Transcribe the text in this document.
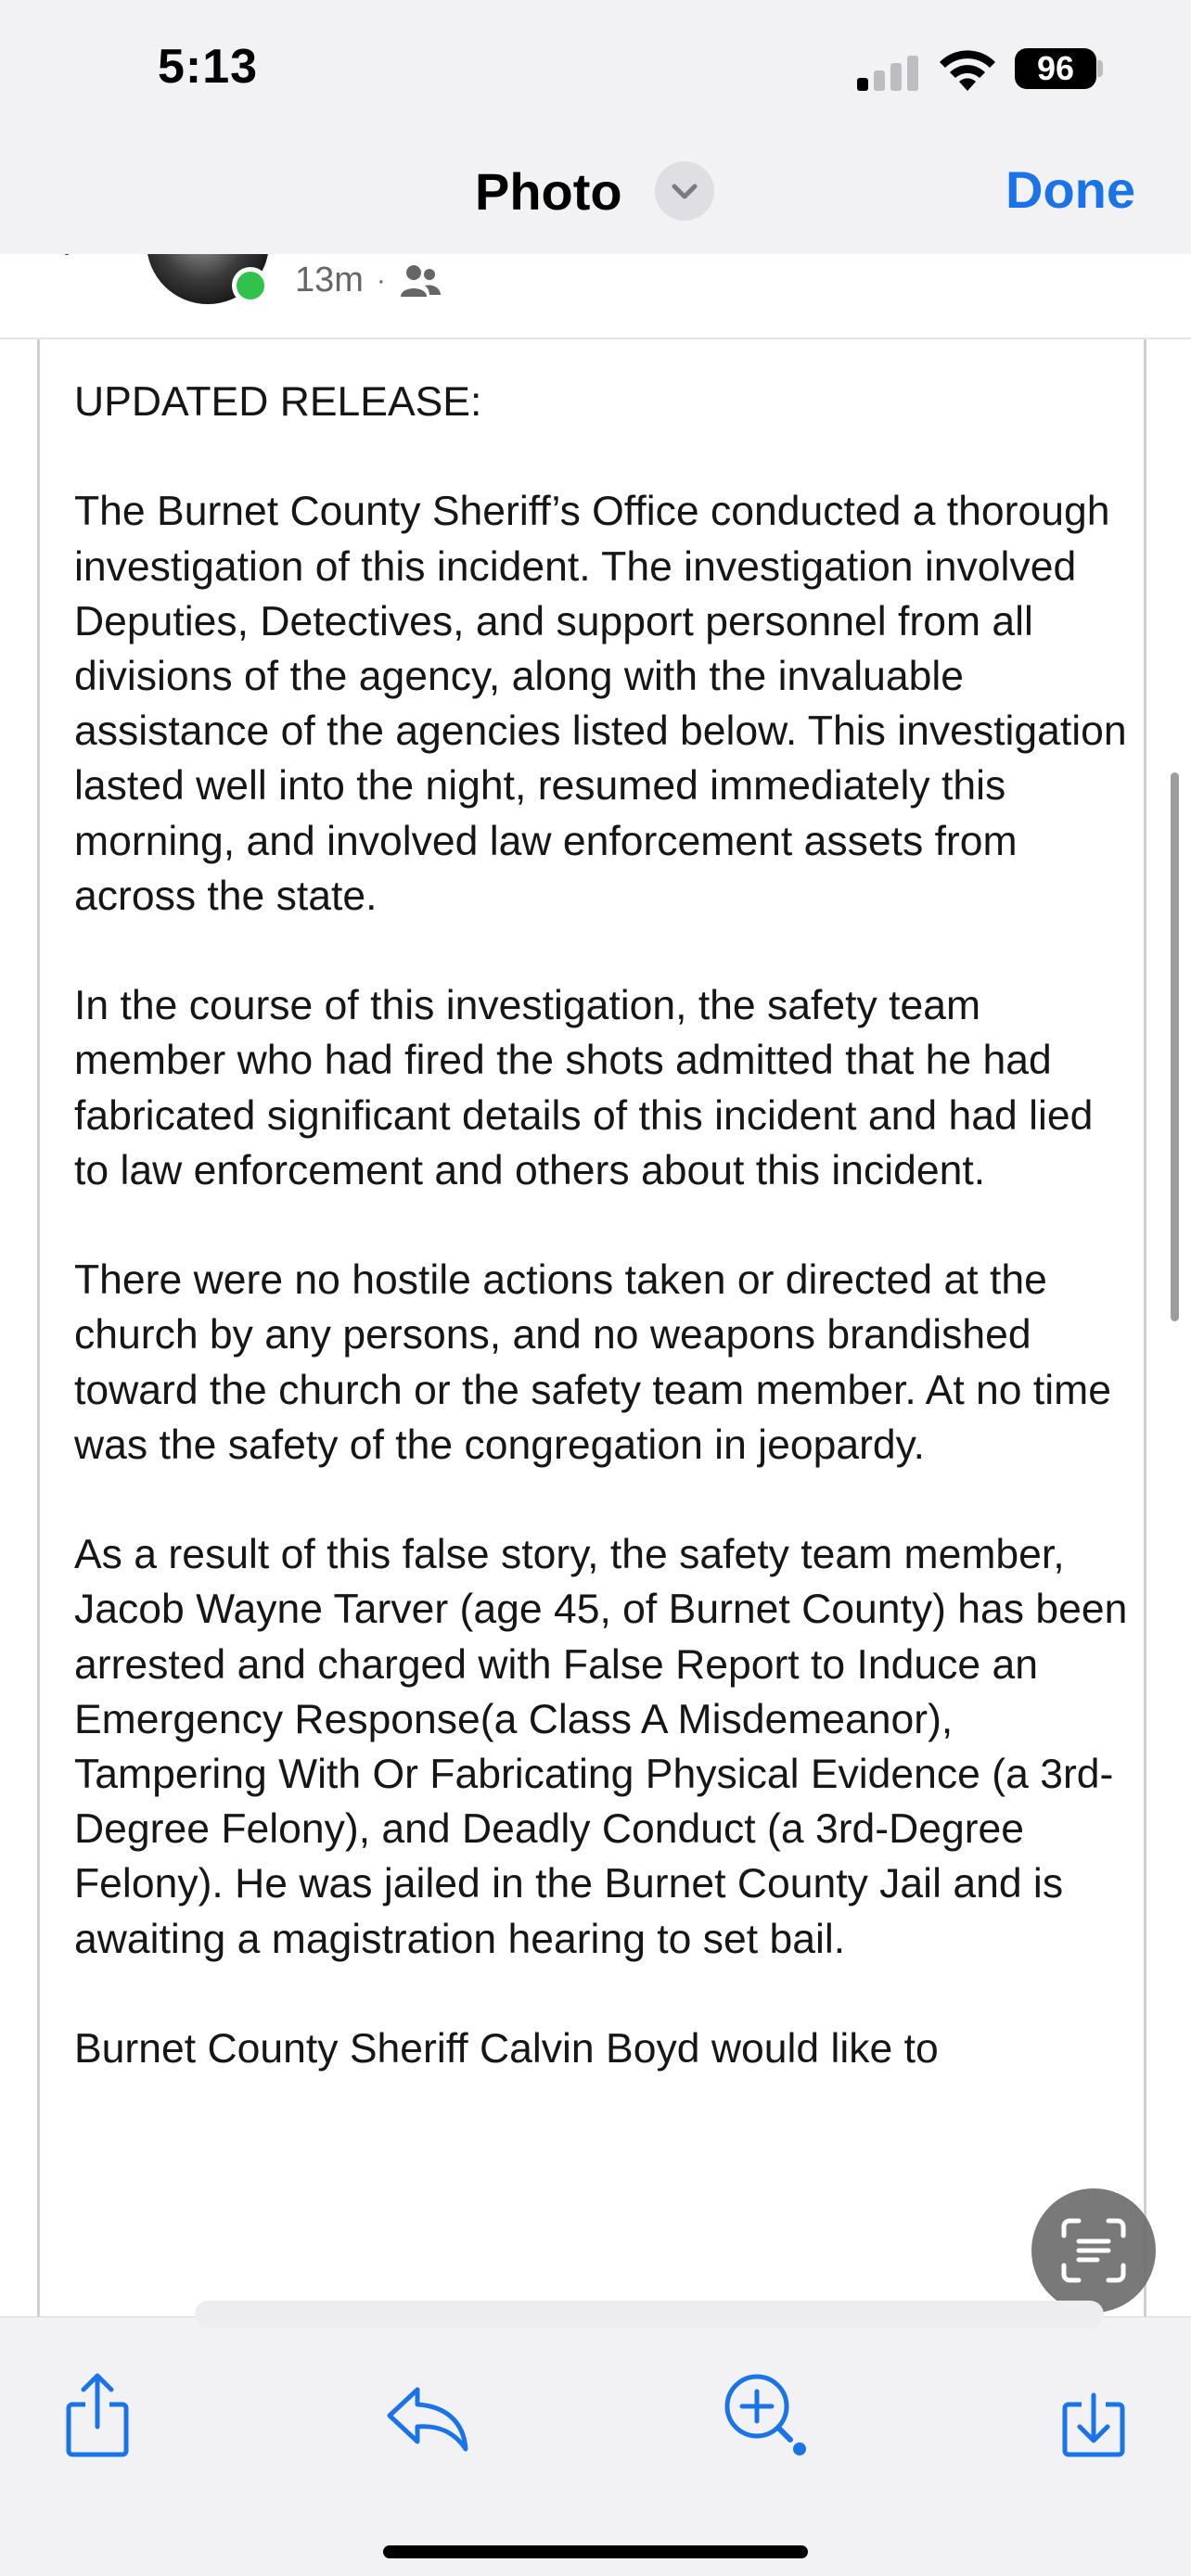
5:13	96
Photo	Done
13m ·

UPDATED RELEASE:

The Burnet County Sheriff’s Office conducted a thorough investigation of this incident. The investigation involved Deputies, Detectives, and support personnel from all divisions of the agency, along with the invaluable assistance of the agencies listed below. This investigation lasted well into the night, resumed immediately this morning, and involved law enforcement assets from across the state.

In the course of this investigation, the safety team member who had fired the shots admitted that he had fabricated significant details of this incident and had lied to law enforcement and others about this incident.

There were no hostile actions taken or directed at the church by any persons, and no weapons brandished toward the church or the safety team member. At no time was the safety of the congregation in jeopardy.

As a result of this false story, the safety team member, Jacob Wayne Tarver (age 45, of Burnet County) has been arrested and charged with False Report to Induce an Emergency Response(a Class A Misdemeanor), Tampering With Or Fabricating Physical Evidence (a 3rd-Degree Felony), and Deadly Conduct (a 3rd-Degree Felony). He was jailed in the Burnet County Jail and is awaiting a magistration hearing to set bail.

Burnet County Sheriff Calvin Boyd would like to
